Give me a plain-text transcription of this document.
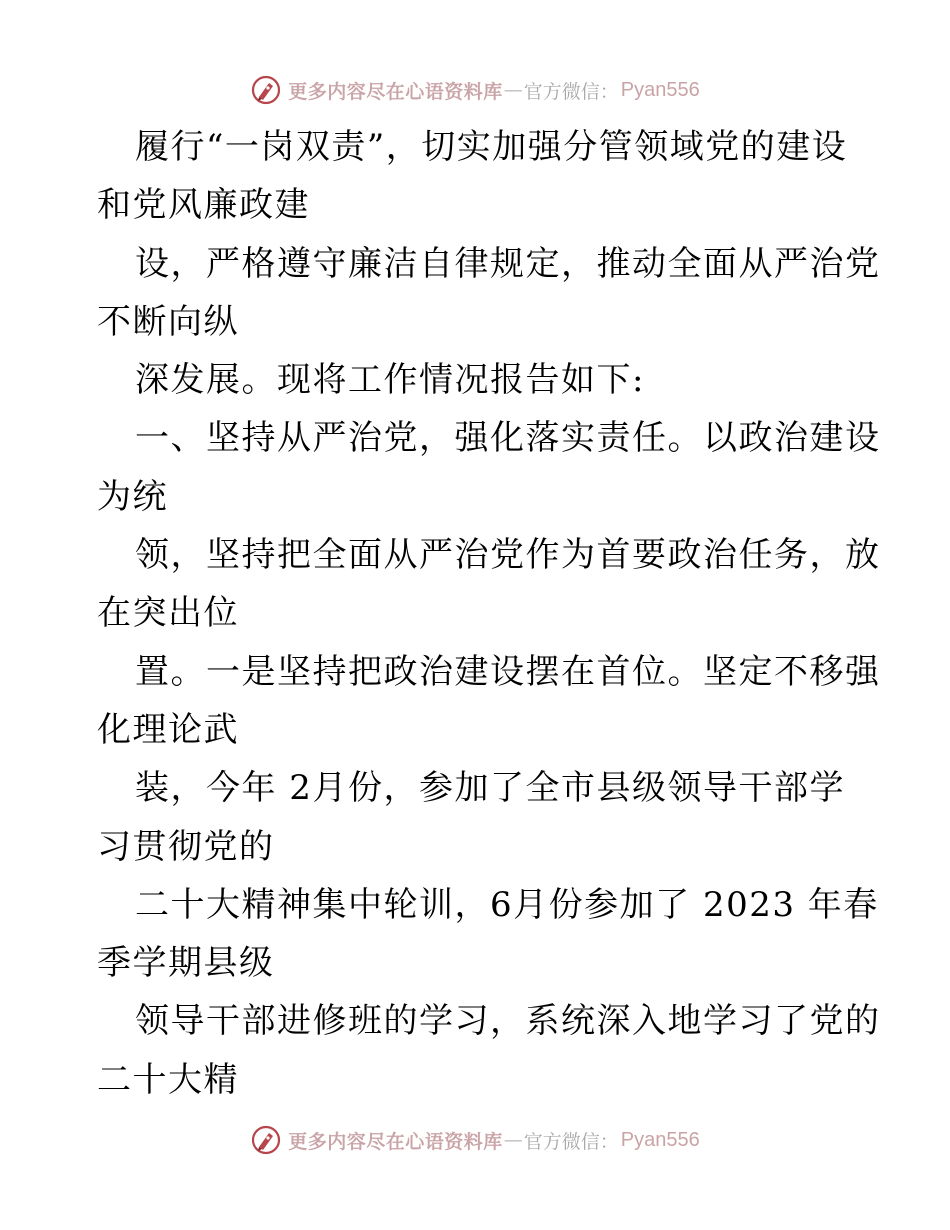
更多内容尽在心语资料库 — 官方微信： Pyan556
履行“一岗双责”，切实加强分管领域党的建设
和党风廉政建
设，严格遵守廉洁自律规定，推动全面从严治党
不断向纵
深发展。现将工作情况报告如下:
一、坚持从严治党，强化落实责任。以政治建设
为统
领，坚持把全面从严治党作为首要政治任务，放
在突出位
置。一是坚持把政治建设摆在首位。坚定不移强
化理论武
装，今年 2月份，参加了全市县级领导干部学
习贯彻党的
二十大精神集中轮训，6月份参加了 2023 年春
季学期县级
领导干部进修班的学习，系统深入地学习了党的
二十大精
更多内容尽在心语资料库 — 官方微信： Pyan556
